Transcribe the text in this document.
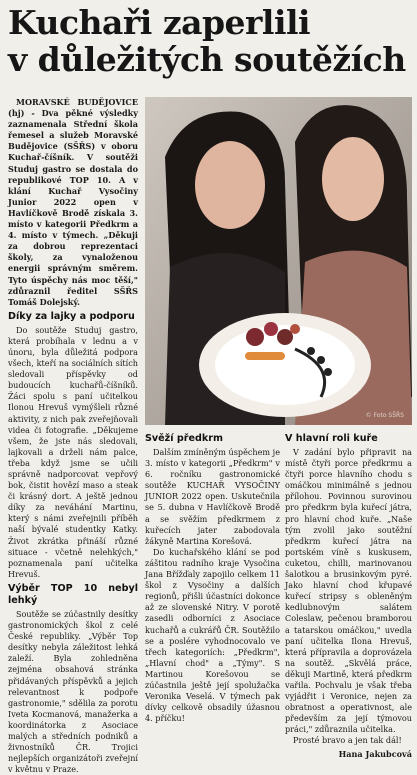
Kuchaři zaperlili
v důležitých soutěžích

MORAVSKÉ BUDĚJOVICE (hj) - Dva pěkné výsledky zaznamenala Střední škola řemesel a služeb Moravské Budějovice (SŠŘS) v oboru Kuchař-číšník. V soutěži Studuj gastro se dostala do republikové TOP 10. A v klání Kuchař Vysočiny Junior 2022 open v Havlíčkově Brodě získala 3. místo v kategorii Předkrm a 4. místo v týmech. „Děkuji za dobrou reprezentaci školy, za vynaloženou energii správným směrem. Tyto úspěchy nás moc těší," zdůraznil ředitel SŠŘS Tomáš Dolejský.

Díky za lajky a podporu

Do soutěže Studuj gastro, která probíhala v lednu a v únoru, byla důležitá podpora všech, kteří na sociálních sítích sledovali příspěvky od budoucích kuchařů-číšníků. Žáci spolu s paní učitelkou Ilonou Hrevuš vymýšleli různé aktivity, z nich pak zveřejňovali videa či fotografie. „Děkujeme všem, že jste nás sledovali, lajkovali a drželi nám palce, třeba když jsme se učili správně nadporcovat vepřový bok, čistit hovězí maso a steak či krásný dort. A ještě jednou díky za neváhání Martinu, který s námi zveřejnili příběh naší bývalé studentky Katky. Život zkrátka přináší různé situace - včetně nelehkých," poznamenala paní učitelka Hrevuš.

Výběr TOP 10 nebyl lehký

Soutěže se zúčastnily desítky gastronomických škol z celé České republiky. „Výběr Top desítky nebyla záležitost lehká zaleží. Byla zohledněna zejména obsahová stránka přidávaných příspěvků a jejich relevantnost k podpoře gastronomie," sdělila za porotu Iveta Kocmanová, manažerka a koordinátorka z Asociace malých a středních podniků a živnostníků ČR. Trojici nejlepších organizátoři zveřejní v květnu v Praze.

© Foto SŠŘS
Svěží předkrm

Dalším zmíněným úspěchem je 3. místo v kategorii „Předkrm" v 6. ročníku gastronomické soutěže KUCHAŘ VYSOČINY JUNIOR 2022 open. Uskutečnila se 5. dubna v Havlíčkově Brodě a se svěžím předkrmem z kuřecích jater zabodovala žákyně Martina Korešová.

Do kuchařského klání se pod záštitou radního kraje Vysočina Jana Břížďaly zapojilo celkem 11 škol z Vysočiny a dalších regionů, přišli účastníci dokonce až ze slovenské Nitry. V porotě zasedli odborníci z Asociace kuchařů a cukrářů ČR. Soutěžilo se a poslére vyhodnocovalo ve třech kategoriích: „Předkrm", „Hlavní chod" a „Týmy". S Martinou Korešovou se zúčastnila ještě její spolužačka Veronika Veselá. V týmech pak dívky celkově obsadily úžasnou 4. příčku!

V hlavní roli kuře

V zadání bylo připravit na místě čtyři porce předkrmu a čtyři porce hlavního chodu s omáčkou minimálně s jednou přílohou. Povinnou surovinou pro předkrm byla kuřecí játra, pro hlavní chod kuře. „Naše tým zvolil jako soutěžní předkrm kuřecí játra na portském víně s kuskusem, cuketou, chilli, marinovanou šalotkou a brusinkovým pyré. Jako hlavní chod křupavé kuřecí stripsy s obleněným kedlubnovým salátem Coleslaw, pečenou bramborou a tatarskou omáčkou," uvedla paní učitelka Ilona Hrevuš, která přípravila a doprovázela na soutěž. „Skvělá práce, děkuji Martině, která předkrm vařila. Pochvalu je však třeba vyjádřit i Veronice, nejen za obratnost a operativnost, ale především za její týmovou práci," zdůraznila učitelka.

Prosté bravo a jen tak dál!

Hana Jakubcová
